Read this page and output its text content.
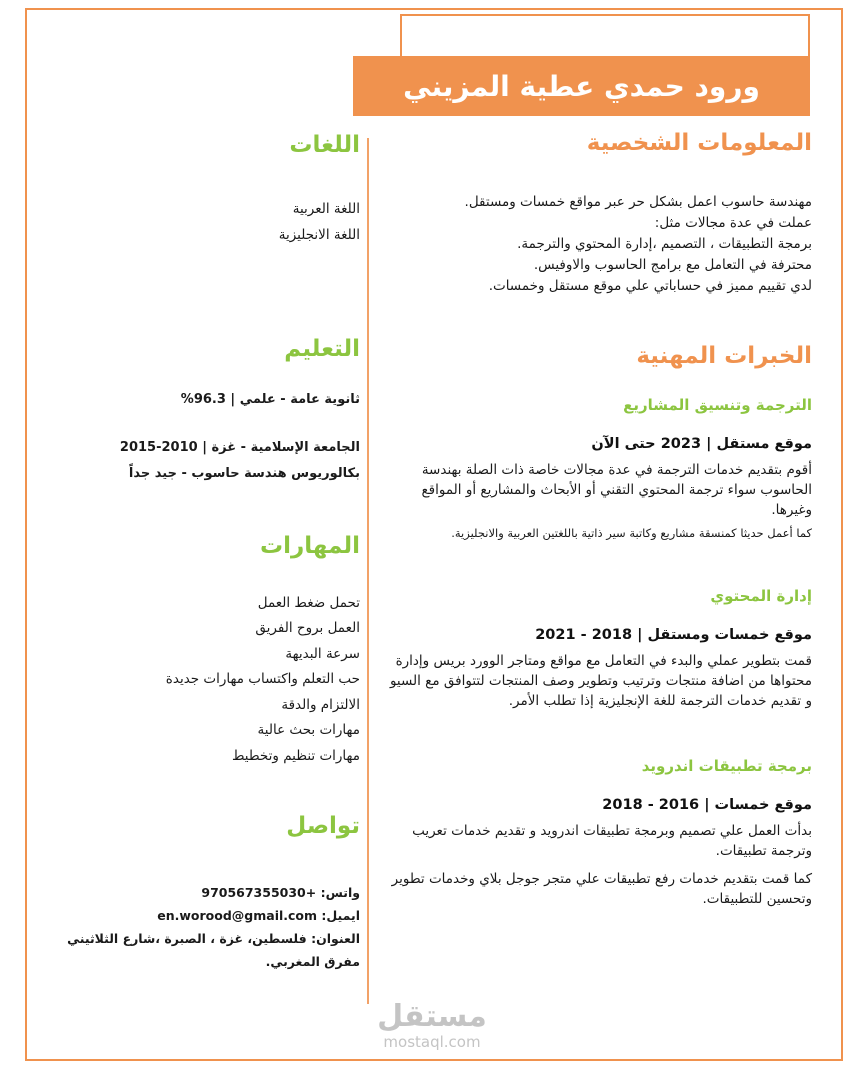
ورود حمدي عطية المزيني
المعلومات الشخصية
مهندسة حاسوب اعمل بشكل حر عبر مواقع خمسات ومستقل.
عملت في عدة مجالات مثل:
برمجة التطبيقات ، التصميم ،إدارة المحتوي والترجمة.
محترفة في التعامل مع برامج الحاسوب والاوفيس.
لدي تقييم مميز في حساباتي علي موقع مستقل وخمسات.
الخبرات المهنية
الترجمة وتنسيق المشاريع
موقع مستقل | 2023 حتى الآن

أقوم بتقديم خدمات الترجمة في عدة مجالات خاصة ذات الصلة بهندسة الحاسوب سواء ترجمة المحتوي التقني أو الأبحاث والمشاريع أو المواقع وغيرها.

كما أعمل حديثا كمنسقة مشاريع وكاتبة سير ذاتية باللغتين العربية والانجليزية.

إدارة المحتوي
موقع خمسات ومستقل | 2018 - 2021

قمت بتطوير عملي والبدء في التعامل مع مواقع ومتاجر الوورد بريس وإدارة محتواها من اضافة منتجات وترتيب وتطوير وصف المنتجات لتتوافق مع السيو و تقديم خدمات الترجمة للغة الإنجليزية إذا تطلب الأمر.

برمجة تطبيقات اندرويد
موقع خمسات | 2016 - 2018

بدأت العمل علي تصميم وبرمجة تطبيقات اندرويد و تقديم خدمات تعريب وترجمة تطبيقات.

كما قمت بتقديم خدمات رفع تطبيقات علي متجر جوجل بلاي وخدمات تطوير وتحسين للتطبيقات.

اللغات
اللغة العربية
اللغة الانجليزية
التعليم
ثانوية عامة - علمي | 96.3%
الجامعة الإسلامية - غزة | 2010-2015
بكالوريوس هندسة حاسوب - جيد جداً
المهارات
تحمل ضغط العمل
العمل بروح الفريق
سرعة البديهة
حب التعلم واكتساب مهارات جديدة
الالتزام والدقة
مهارات بحث عالية
مهارات تنظيم وتخطيط
تواصل
واتس: +970567355030
ايميل: en.worood@gmail.com
العنوان: فلسطين، غزة ، الصبرة ،شارع الثلاثيني مفرق المغربي.
مستقل
mostaql.com
